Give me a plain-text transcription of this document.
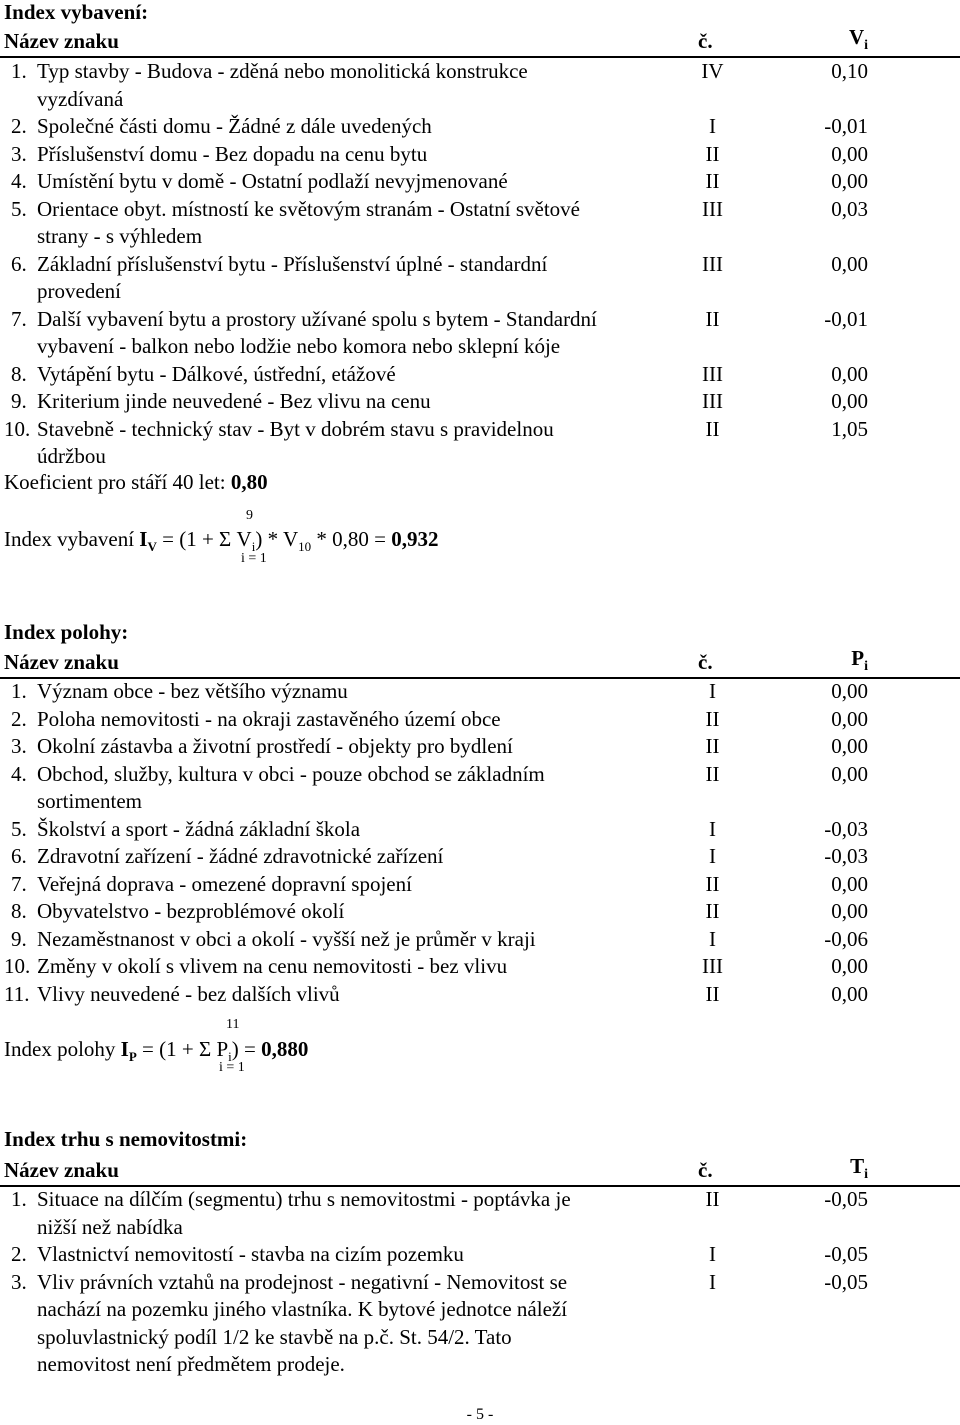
Index vybavení:
Název znaku	č.	$V_i$
1. Typ stavby - Budova - zděná nebo monolitická konstrukce
vyzdívaná
IV	0,10
2. Společné části domu - Žádné z dále uvedených	I	-0,01
3. Příslušenství domu - Bez dopadu na cenu bytu	II	0,00
4. Umístění bytu v domě - Ostatní podlaží nevyjmenované	II	0,00
5. Orientace obyt. místností ke světovým stranám - Ostatní světové
strany - s výhledem
III	0,03
6. Základní příslušenství bytu - Příslušenství úplné - standardní
provedení
III	0,00
7. Další vybavení bytu a prostory užívané spolu s bytem - Standardní
vybavení - balkon nebo lodžie nebo komora nebo sklepní kóje
II	-0,01
8. Vytápění bytu - Dálkové, ústřední, etážové	III	0,00
9. Kriterium jinde neuvedené - Bez vlivu na cenu	III	0,00
10. Stavebně - technický stav - Byt v dobrém stavu s pravidelnou
údržbou
II	1,05
Koeficient pro stáří 40 let: 0,80
9
Index vybavení $I_V = (1 + \Sigma$ $V_i) * V_{10} * 0,80 = 0,932$
i = 1
Index polohy:
Název znaku	č.	$P_i$
1. Význam obce - bez většího významu	I	0,00
2. Poloha nemovitosti - na okraji zastavěného území obce	II	0,00
3. Okolní zástavba a životní prostředí - objekty pro bydlení	II	0,00
4. Obchod, služby, kultura v obci - pouze obchod se základním
sortimentem
II	0,00
5. Školství a sport - žádná základní škola	I	-0,03
6. Zdravotní zařízení - žádné zdravotnické zařízení	I	-0,03
7. Veřejná doprava - omezené dopravní spojení	II	0,00
8. Obyvatelstvo - bezproblémové okolí	II	0,00
9. Nezaměstnanost v obci a okolí - vyšší než je průměr v kraji	I	-0,06
10. Změny v okolí s vlivem na cenu nemovitosti - bez vlivu	III	0,00
11. Vlivy neuvedené - bez dalších vlivů	II	0,00
11
Index polohy $I_P = (1 + \Sigma$ $P_i) = 0,880$
i = 1
Index trhu s nemovitostmi:
Název znaku	č.	$T_i$
1. Situace na dílčím (segmentu) trhu s nemovitostmi - poptávka je
nižší než nabídka
II	-0,05
2. Vlastnictví nemovitostí - stavba na cizím pozemku	I	-0,05
3. Vliv právních vztahů na prodejnost - negativní - Nemovitost se
nachází na pozemku jiného vlastníka. K bytové jednotce náleží
spoluvlastnický podíl 1/2 ke stavbě na p.č. St. 54/2. Tato
nemovitost není předmětem prodeje.
I	-0,05
- 5 -
